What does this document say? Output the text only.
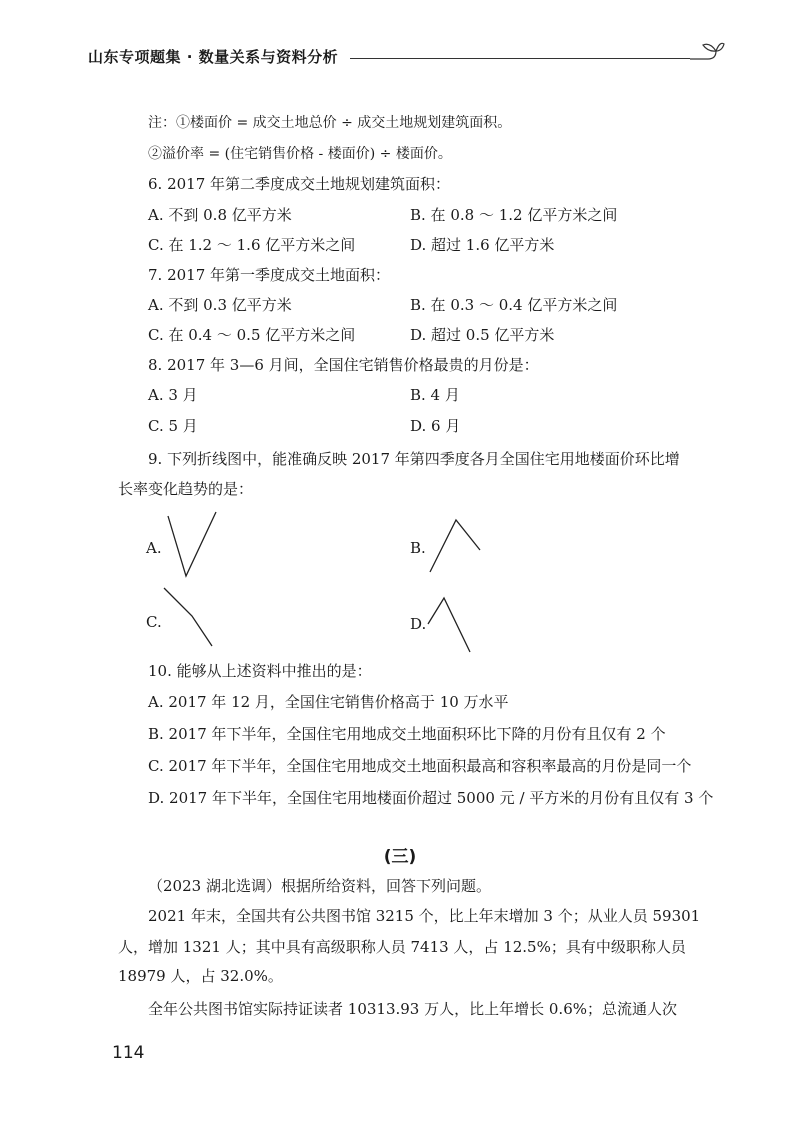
山东专项题集 · 数量关系与资料分析
注：①楼面价 = 成交土地总价 ÷ 成交土地规划建筑面积。
②溢价率 = (住宅销售价格 - 楼面价) ÷ 楼面价。
6. 2017 年第二季度成交土地规划建筑面积：
A. 不到 0.8 亿平方米	B. 在 0.8 ～ 1.2 亿平方米之间
C. 在 1.2 ～ 1.6 亿平方米之间	D. 超过 1.6 亿平方米
7. 2017 年第一季度成交土地面积：
A. 不到 0.3 亿平方米	B. 在 0.3 ～ 0.4 亿平方米之间
C. 在 0.4 ～ 0.5 亿平方米之间	D. 超过 0.5 亿平方米
8. 2017 年 3—6 月间，全国住宅销售价格最贵的月份是：
A. 3 月	B. 4 月
C. 5 月	D. 6 月
9. 下列折线图中，能准确反映 2017 年第四季度各月全国住宅用地楼面价环比增
长率变化趋势的是：
A.	B.
C.	D.
10. 能够从上述资料中推出的是：
A. 2017 年 12 月，全国住宅销售价格高于 10 万水平
B. 2017 年下半年，全国住宅用地成交土地面积环比下降的月份有且仅有 2 个
C. 2017 年下半年，全国住宅用地成交土地面积最高和容积率最高的月份是同一个
D. 2017 年下半年，全国住宅用地楼面价超过 5000 元 / 平方米的月份有且仅有 3 个
(三)
（2023 湖北选调）根据所给资料，回答下列问题。
2021 年末，全国共有公共图书馆 3215 个，比上年末增加 3 个；从业人员 59301
人，增加 1321 人；其中具有高级职称人员 7413 人，占 12.5%；具有中级职称人员
18979 人，占 32.0%。
全年公共图书馆实际持证读者 10313.93 万人，比上年增长 0.6%；总流通人次
114
